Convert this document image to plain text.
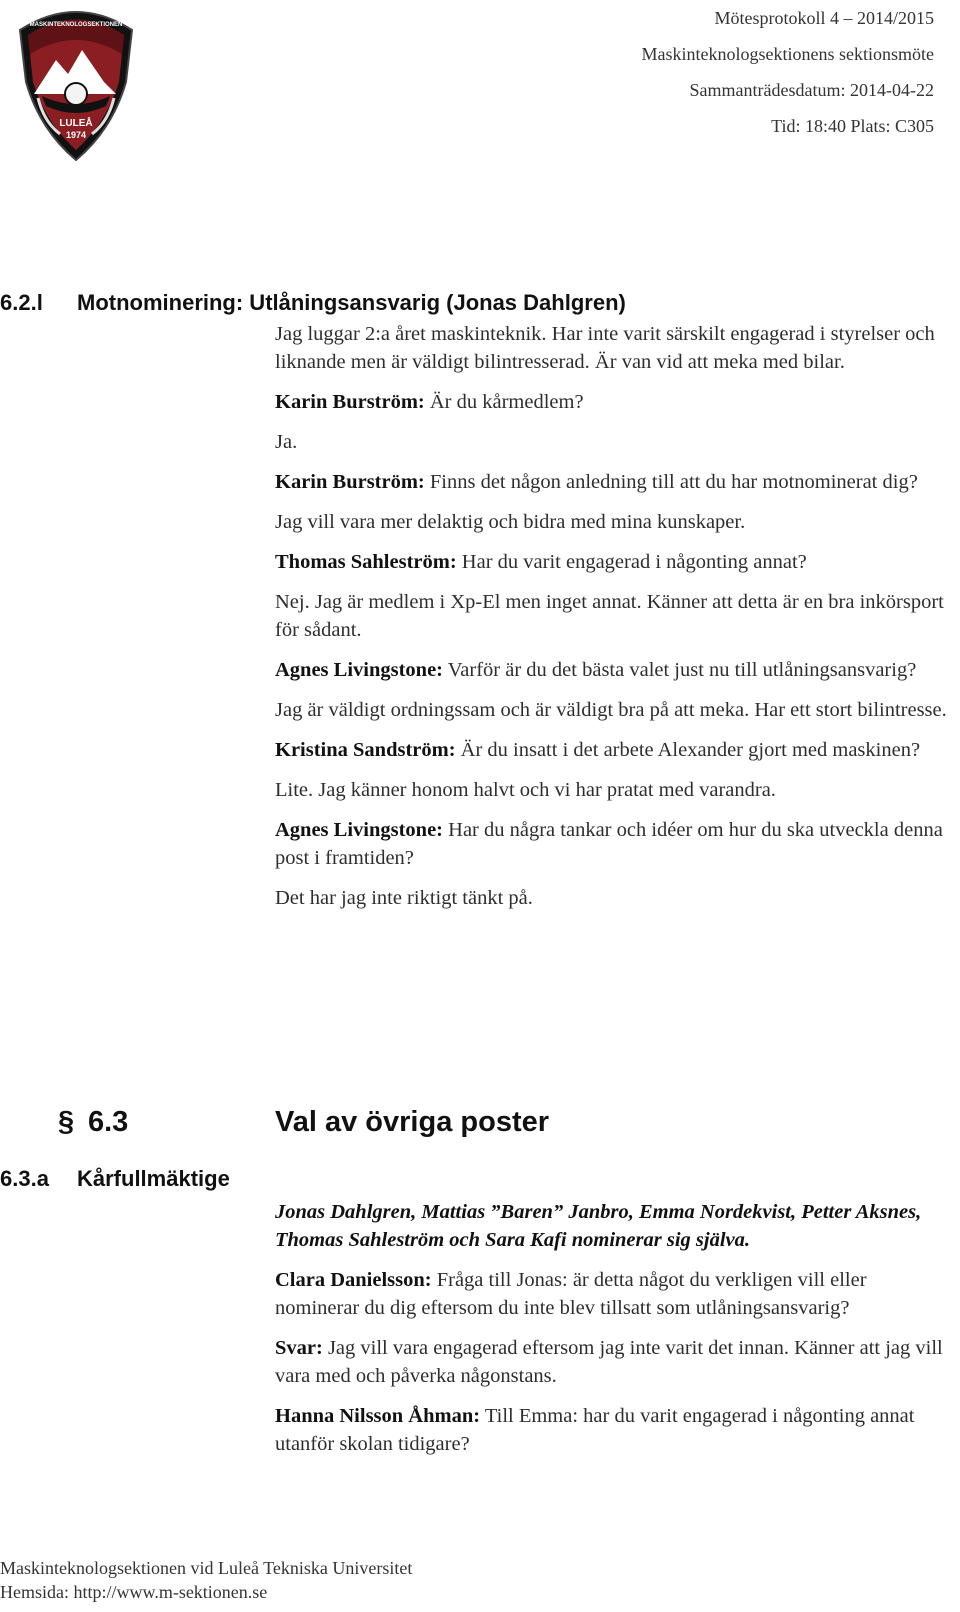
LULEÅ
1974
MASKINTEKNOLOGSEKTIONEN	Mötesprotokoll 4 – 2014/2015
Maskinteknologsektionens sektionsmöte
Sammanträdesdatum: 2014-04-22
Tid: 18:40 Plats: C305
6.2.l Motnominering: Utlåningsansvarig (Jonas Dahlgren)

Jag luggar 2:a året maskinteknik. Har inte varit särskilt engagerad i styrelser och liknande men är väldigt bilintresserad. Är van vid att meka med bilar.

Karin Burström: Är du kårmedlem?

Ja.

Karin Burström: Finns det någon anledning till att du har motnominerat dig?

Jag vill vara mer delaktig och bidra med mina kunskaper.

Thomas Sahleström: Har du varit engagerad i någonting annat?

Nej. Jag är medlem i Xp-El men inget annat. Känner att detta är en bra inkörsport för sådant.

Agnes Livingstone: Varför är du det bästa valet just nu till utlåningsansvarig?

Jag är väldigt ordningssam och är väldigt bra på att meka. Har ett stort bilintresse.

Kristina Sandström: Är du insatt i det arbete Alexander gjort med maskinen?

Lite. Jag känner honom halvt och vi har pratat med varandra.

Agnes Livingstone: Har du några tankar och idéer om hur du ska utveckla denna post i framtiden?

Det har jag inte riktigt tänkt på.

§ 6.3	Val av övriga poster
6.3.a Kårfullmäktige

Jonas Dahlgren, Mattias ”Baren” Janbro, Emma Nordekvist, Petter Aksnes, Thomas Sahleström och Sara Kafi nominerar sig själva.

Clara Danielsson: Fråga till Jonas: är detta något du verkligen vill eller nominerar du dig eftersom du inte blev tillsatt som utlåningsansvarig?

Svar: Jag vill vara engagerad eftersom jag inte varit det innan. Känner att jag vill vara med och påverka någonstans.

Hanna Nilsson Åhman: Till Emma: har du varit engagerad i någonting annat utanför skolan tidigare?

Maskinteknologsektionen vid Luleå Tekniska Universitet
Hemsida: http://www.m-sektionen.se
